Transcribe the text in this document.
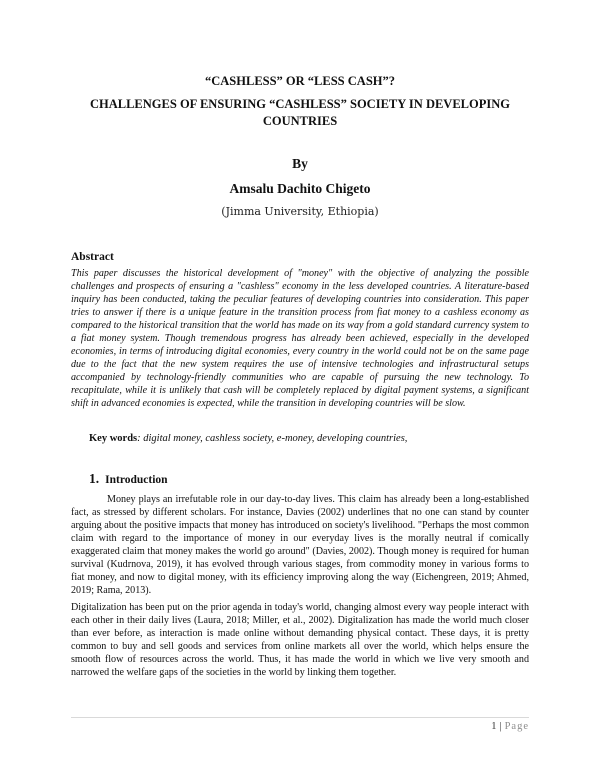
“CASHLESS” OR “LESS CASH”?
CHALLENGES OF ENSURING “CASHLESS” SOCIETY IN DEVELOPING COUNTRIES
By
Amsalu Dachito Chigeto
(Jimma University, Ethiopia)
Abstract
This paper discusses the historical development of "money" with the objective of analyzing the possible challenges and prospects of ensuring a "cashless" economy in the less developed countries. A literature-based inquiry has been conducted, taking the peculiar features of developing countries into consideration. This paper tries to answer if there is a unique feature in the transition process from fiat money to a cashless economy as compared to the historical transition that the world has made on its way from a gold standard currency system to a fiat money system. Though tremendous progress has already been achieved, especially in the developed economies, in terms of introducing digital economies, every country in the world could not be on the same page due to the fact that the new system requires the use of intensive technologies and infrastructural setups accompanied by technology-friendly communities who are capable of pursuing the new technology. To recapitulate, while it is unlikely that cash will be completely replaced by digital payment systems, a significant shift in advanced economies is expected, while the transition in developing countries will be slow.
Key words: digital money, cashless society, e-money, developing countries,
1. Introduction
Money plays an irrefutable role in our day-to-day lives. This claim has already been a long-established fact, as stressed by different scholars. For instance, Davies (2002) underlines that no one can stand by counter arguing about the positive impacts that money has introduced on society's livelihood. "Perhaps the most common claim with regard to the importance of money in our everyday lives is the morally neutral if comically exaggerated claim that money makes the world go around" (Davies, 2002). Though money is required for human survival (Kudrnova, 2019), it has evolved through various stages, from commodity money in various forms to fiat money, and now to digital money, with its efficiency improving along the way (Eichengreen, 2019; Ahmed, 2019; Rama, 2013).
Digitalization has been put on the prior agenda in today's world, changing almost every way people interact with each other in their daily lives (Laura, 2018; Miller, et al., 2002). Digitalization has made the world much closer than ever before, as interaction is made online without demanding physical contact. These days, it is pretty common to buy and sell goods and services from online markets all over the world, which helps ensure the smooth flow of resources across the world. Thus, it has made the world in which we live very smooth and narrowed the welfare gaps of the societies in the world by linking them together.
1 | Page
